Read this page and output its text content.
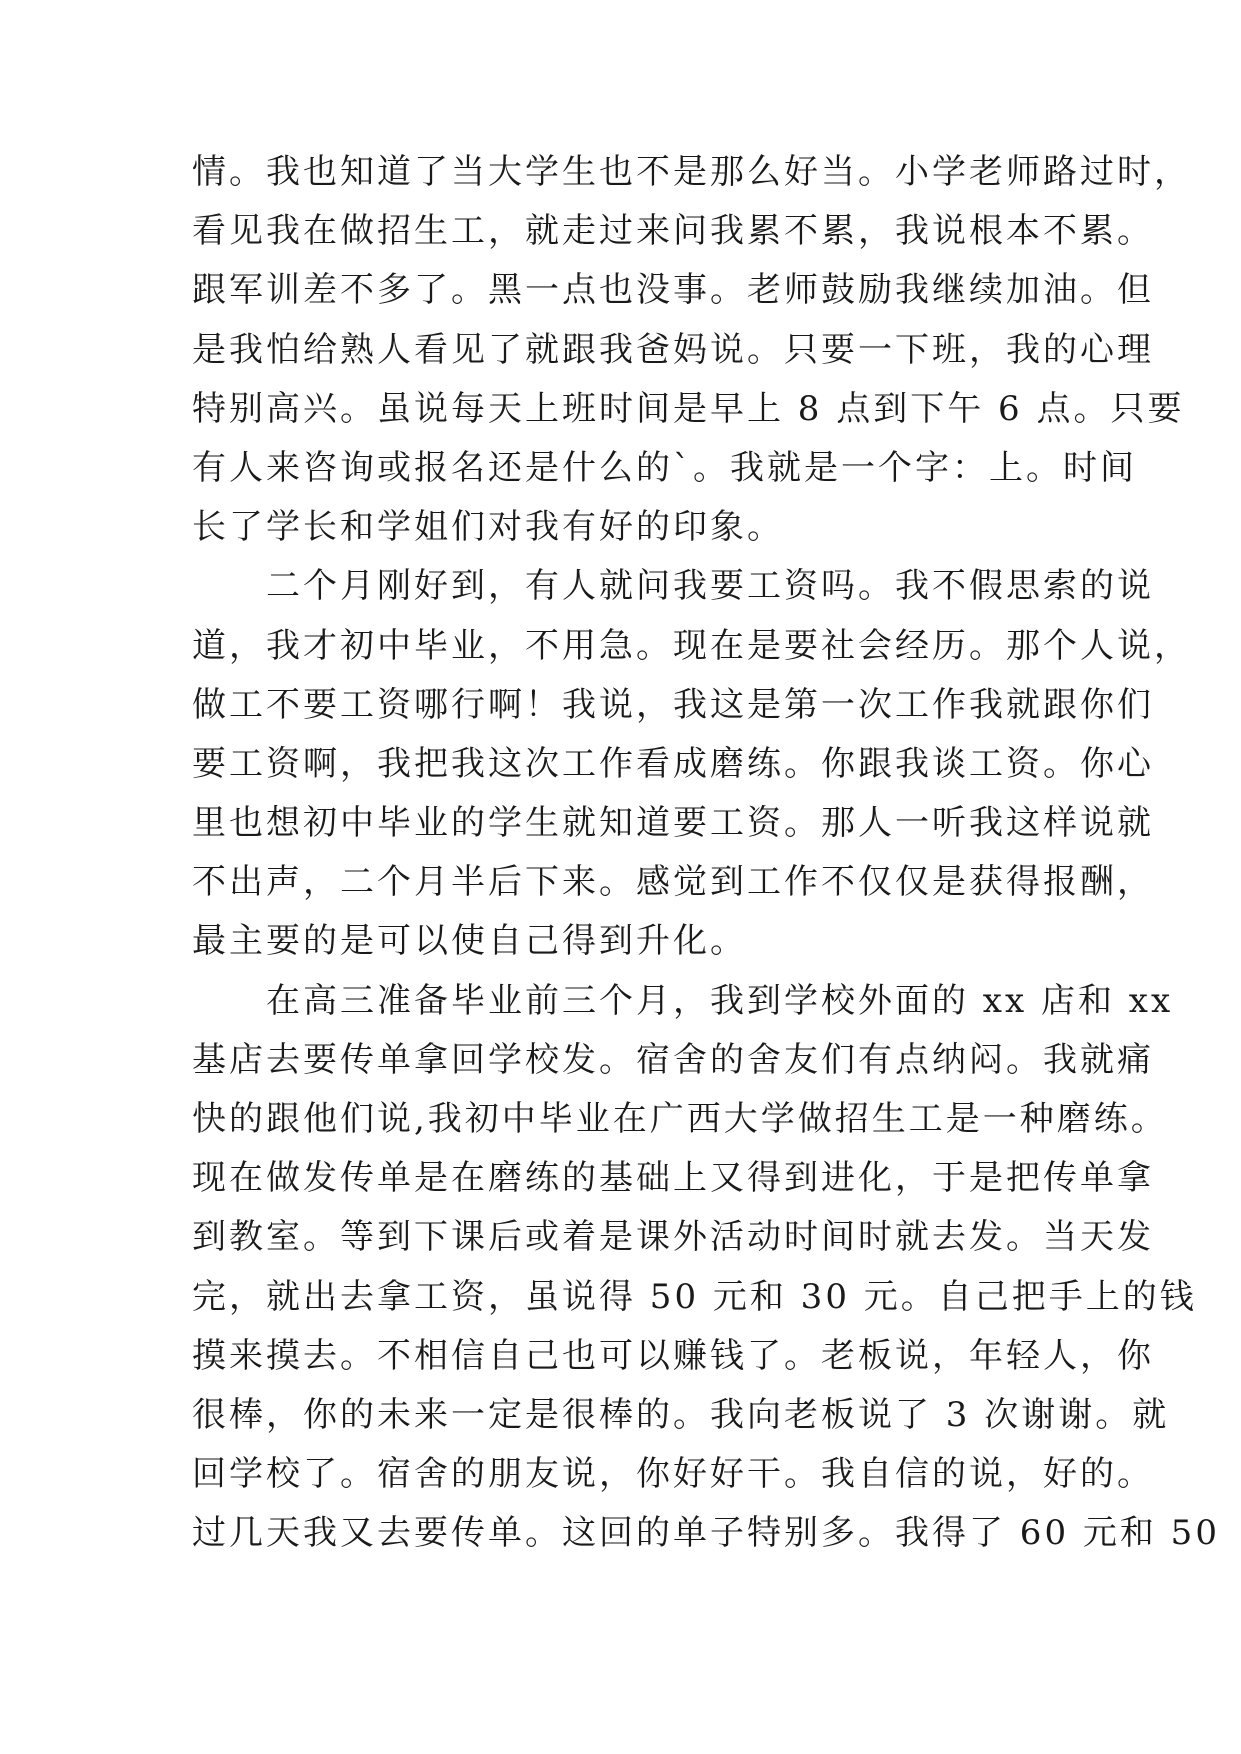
情。我也知道了当大学生也不是那么好当。小学老师路过时，
看见我在做招生工，就走过来问我累不累，我说根本不累。
跟军训差不多了。黑一点也没事。老师鼓励我继续加油。但
是我怕给熟人看见了就跟我爸妈说。只要一下班，我的心理
特别高兴。虽说每天上班时间是早上 8 点到下午 6 点。只要
有人来咨询或报名还是什么的`。我就是一个字：上。时间
长了学长和学姐们对我有好的印象。
　　二个月刚好到，有人就问我要工资吗。我不假思索的说
道，我才初中毕业，不用急。现在是要社会经历。那个人说，
做工不要工资哪行啊！我说，我这是第一次工作我就跟你们
要工资啊，我把我这次工作看成磨练。你跟我谈工资。你心
里也想初中毕业的学生就知道要工资。那人一听我这样说就
不出声，二个月半后下来。感觉到工作不仅仅是获得报酬，
最主要的是可以使自己得到升化。
　　在高三准备毕业前三个月，我到学校外面的 xx 店和 xx
基店去要传单拿回学校发。宿舍的舍友们有点纳闷。我就痛
快的跟他们说,我初中毕业在广西大学做招生工是一种磨练。
现在做发传单是在磨练的基础上又得到进化，于是把传单拿
到教室。等到下课后或着是课外活动时间时就去发。当天发
完，就出去拿工资，虽说得 50 元和 30 元。自己把手上的钱
摸来摸去。不相信自己也可以赚钱了。老板说，年轻人，你
很棒，你的未来一定是很棒的。我向老板说了 3 次谢谢。就
回学校了。宿舍的朋友说，你好好干。我自信的说，好的。
过几天我又去要传单。这回的单子特别多。我得了 60 元和 50
